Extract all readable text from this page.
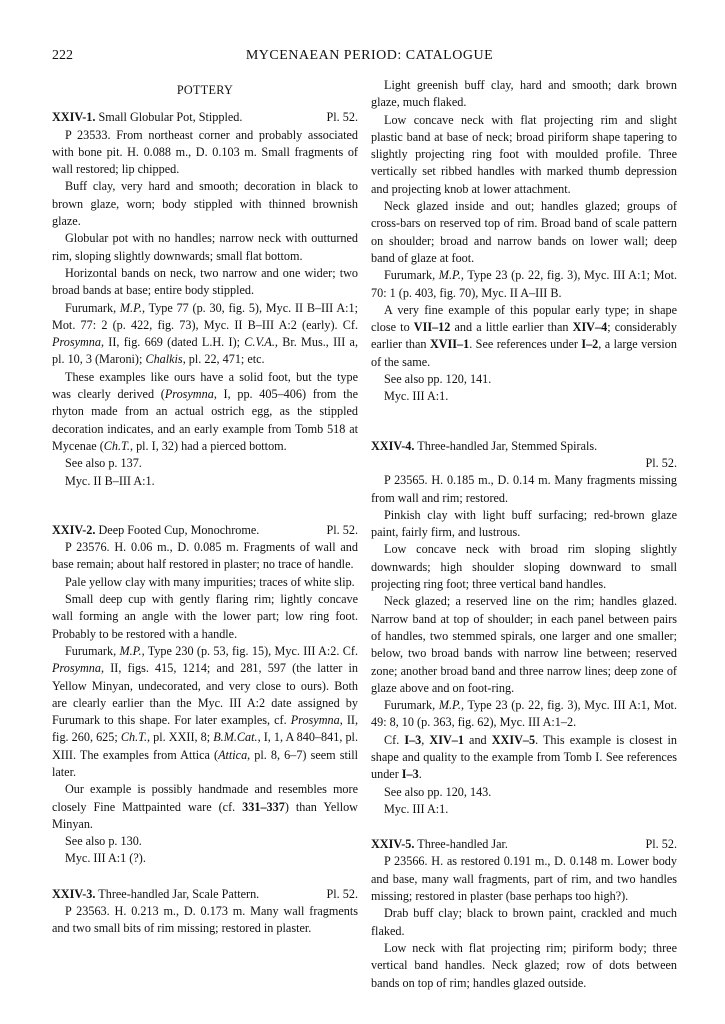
222	MYCENAEAN PERIOD: CATALOGUE
POTTERY
XXIV-1. Small Globular Pot, Stippled.	Pl. 52.

P 23533. From northeast corner and probably associated with bone pit. H. 0.088 m., D. 0.103 m. Small fragments of wall restored; lip chipped.

Buff clay, very hard and smooth; decoration in black to brown glaze, worn; body stippled with thinned brownish glaze.

Globular pot with no handles; narrow neck with outturned rim, sloping slightly downwards; small flat bottom.

Horizontal bands on neck, two narrow and one wider; two broad bands at base; entire body stippled.

Furumark, M.P., Type 77 (p. 30, fig. 5), Myc. II B–III A:1; Mot. 77: 2 (p. 422, fig. 73), Myc. II B–III A:2 (early). Cf. Prosymna, II, fig. 669 (dated L.H. I); C.V.A., Br. Mus., III a, pl. 10, 3 (Maroni); Chalkis, pl. 22, 471; etc.

These examples like ours have a solid foot, but the type was clearly derived (Prosymna, I, pp. 405–406) from the rhyton made from an actual ostrich egg, as the stippled decoration indicates, and an early example from Tomb 518 at Mycenae (Ch.T., pl. I, 32) had a pierced bottom.

See also p. 137.

Myc. II B–III A:1.

XXIV-2. Deep Footed Cup, Monochrome.	Pl. 52.

P 23576. H. 0.06 m., D. 0.085 m. Fragments of wall and base remain; about half restored in plaster; no trace of handle.

Pale yellow clay with many impurities; traces of white slip.

Small deep cup with gently flaring rim; lightly concave wall forming an angle with the lower part; low ring foot. Probably to be restored with a handle.

Furumark, M.P., Type 230 (p. 53, fig. 15), Myc. III A:2. Cf. Prosymna, II, figs. 415, 1214; and 281, 597 (the latter in Yellow Minyan, undecorated, and very close to ours). Both are clearly earlier than the Myc. III A:2 date assigned by Furumark to this shape. For later examples, cf. Prosymna, II, fig. 260, 625; Ch.T., pl. XXII, 8; B.M.Cat., I, 1, A 840–841, pl. XIII. The examples from Attica (Attica, pl. 8, 6–7) seem still later.

Our example is possibly handmade and resembles more closely Fine Mattpainted ware (cf. 331–337) than Yellow Minyan.

See also p. 130.

Myc. III A:1 (?).

XXIV-3. Three-handled Jar, Scale Pattern.	Pl. 52.

P 23563. H. 0.213 m., D. 0.173 m. Many wall fragments and two small bits of rim missing; restored in plaster.

Light greenish buff clay, hard and smooth; dark brown glaze, much flaked.

Low concave neck with flat projecting rim and slight plastic band at base of neck; broad piriform shape tapering to slightly projecting ring foot with moulded profile. Three vertically set ribbed handles with marked thumb depression and projecting knob at lower attachment.

Neck glazed inside and out; handles glazed; groups of cross-bars on reserved top of rim. Broad band of scale pattern on shoulder; broad and narrow bands on lower wall; deep band of glaze at foot.

Furumark, M.P., Type 23 (p. 22, fig. 3), Myc. III A:1; Mot. 70: 1 (p. 403, fig. 70), Myc. II A–III B.

A very fine example of this popular early type; in shape close to VII–12 and a little earlier than XIV–4; considerably earlier than XVII–1. See references under I–2, a large version of the same.

See also pp. 120, 141.

Myc. III A:1.

XXIV-4. Three-handled Jar, Stemmed Spirals.
Pl. 52.

P 23565. H. 0.185 m., D. 0.14 m. Many fragments missing from wall and rim; restored.

Pinkish clay with light buff surfacing; red-brown glaze paint, fairly firm, and lustrous.

Low concave neck with broad rim sloping slightly downwards; high shoulder sloping downward to small projecting ring foot; three vertical band handles.

Neck glazed; a reserved line on the rim; handles glazed. Narrow band at top of shoulder; in each panel between pairs of handles, two stemmed spirals, one larger and one smaller; below, two broad bands with narrow line between; reserved zone; another broad band and three narrow lines; deep zone of glaze above and on foot-ring.

Furumark, M.P., Type 23 (p. 22, fig. 3), Myc. III A:1, Mot. 49: 8, 10 (p. 363, fig. 62), Myc. III A:1–2.

Cf. I–3, XIV–1 and XXIV–5. This example is closest in shape and quality to the example from Tomb I. See references under I–3.

See also pp. 120, 143.

Myc. III A:1.

XXIV-5. Three-handled Jar.	Pl. 52.

P 23566. H. as restored 0.191 m., D. 0.148 m. Lower body and base, many wall fragments, part of rim, and two handles missing; restored in plaster (base perhaps too high?).

Drab buff clay; black to brown paint, crackled and much flaked.

Low neck with flat projecting rim; piriform body; three vertical band handles. Neck glazed; row of dots between bands on top of rim; handles glazed outside.
